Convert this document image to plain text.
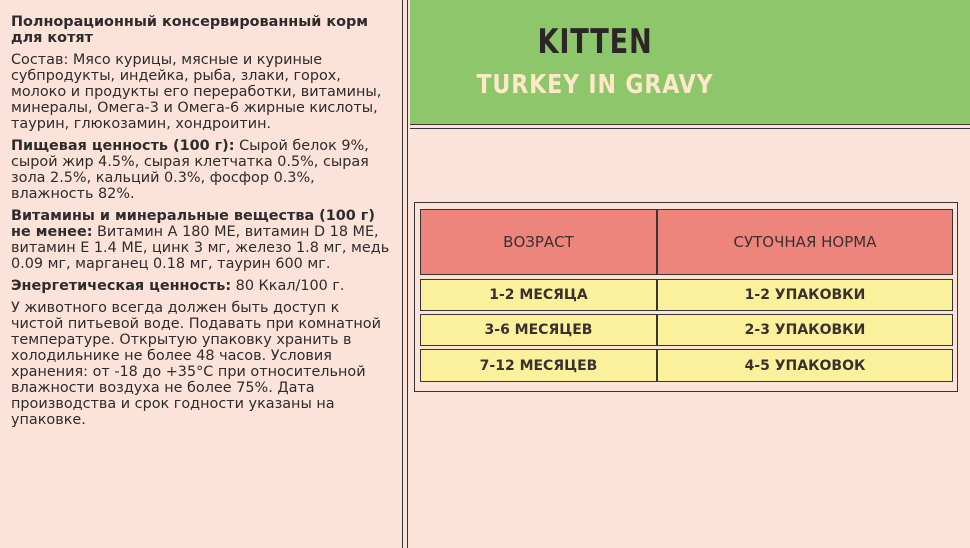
Полнорационный консервированный корм для котят

Состав: Мясо курицы, мясные и куриные субпродукты, индейка, рыба, злаки, горох, молоко и продукты его переработки, витамины, минералы, Омега-3 и Омега-6 жирные кислоты, таурин, глюкозамин, хондроитин.

Пищевая ценность (100 г): Сырой белок 9%, сырой жир 4.5%, сырая клетчатка 0.5%, сырая зола 2.5%, кальций 0.3%, фосфор 0.3%, влажность 82%.

Витамины и минеральные вещества (100 г) не менее: Витамин А 180 МЕ, витамин D 18 МЕ, витамин Е 1.4 МЕ, цинк 3 мг, железо 1.8 мг, медь 0.09 мг, марганец 0.18 мг, таурин 600 мг.

Энергетическая ценность: 80 Ккал/100 г.

У животного всегда должен быть доступ к чистой питьевой воде. Подавать при комнатной температуре. Открытую упаковку хранить в холодильнике не более 48 часов. Условия хранения: от -18 до +35°С при относительной влажности воздуха не более 75%. Дата производства и срок годности указаны на упаковке.

KITTEN
TURKEY IN GRAVY
ВОЗРАСТ	СУТОЧНАЯ НОРМА
1-2 МЕСЯЦА	1-2 УПАКОВКИ
3-6 МЕСЯЦЕВ	2-3 УПАКОВКИ
7-12 МЕСЯЦЕВ	4-5 УПАКОВОК
